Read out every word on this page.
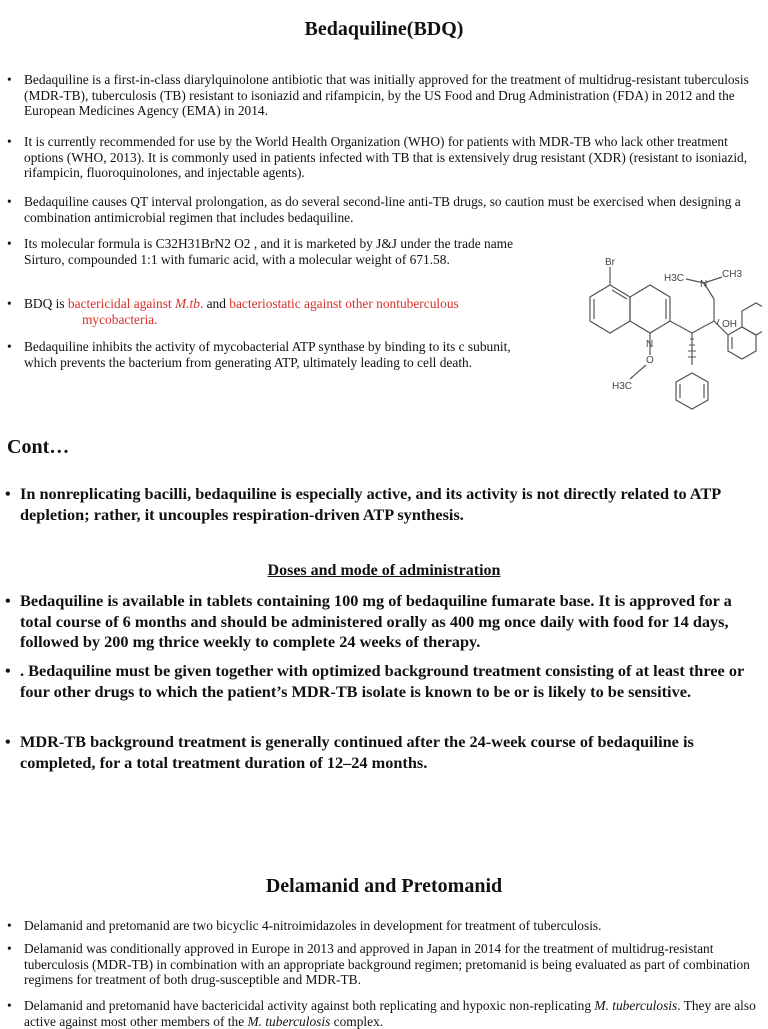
Bedaquiline(BDQ)
• Bedaquiline is a first-in-class diarylquinolone antibiotic that was initially approved for the treatment of multidrug-resistant tuberculosis (MDR-TB), tuberculosis (TB) resistant to isoniazid and rifampicin, by the US Food and Drug Administration (FDA) in 2012 and the European Medicines Agency (EMA) in 2014.
• It is currently recommended for use by the World Health Organization (WHO) for patients with MDR-TB who lack other treatment options (WHO, 2013). It is commonly used in patients infected with TB that is extensively drug resistant (XDR) (resistant to isoniazid, rifampicin, fluoroquinolones, and injectable agents).
• Bedaquiline causes QT interval prolongation, as do several second-line anti-TB drugs, so caution must be exercised when designing a combination antimicrobial regimen that includes bedaquiline.
• Its molecular formula is C32H31BrN2 O2 , and it is marketed by J&J under the trade name Sirturo, compounded 1:1 with fumaric acid, with a molecular weight of 671.58.
• BDQ is bactericidal against M.tb. and bacteriostatic against other nontuberculous
mycobacteria.
• Bedaquiline inhibits the activity of mycobacterial ATP synthase by binding to its c subunit, which prevents the bacterium from generating ATP, ultimately leading to cell death.
Br
N
N
H3C	CH3
OH
O
H3C
Cont…
• In nonreplicating bacilli, bedaquiline is especially active, and its activity is not directly related to ATP depletion; rather, it uncouples respiration-driven ATP synthesis.
Doses and mode of administration
• Bedaquiline is available in tablets containing 100 mg of bedaquiline fumarate base. It is approved for a total course of 6 months and should be administered orally as 400 mg once daily with food for 14 days, followed by 200 mg thrice weekly to complete 24 weeks of therapy.
• . Bedaquiline must be given together with optimized background treatment consisting of at least three or four other drugs to which the patient’s MDR-TB isolate is known to be or is likely to be sensitive.
• MDR-TB background treatment is generally continued after the 24-week course of bedaquiline is completed, for a total treatment duration of 12–24 months.
Delamanid and Pretomanid
• Delamanid and pretomanid are two bicyclic 4-nitroimidazoles in development for treatment of tuberculosis.
• Delamanid was conditionally approved in Europe in 2013 and approved in Japan in 2014 for the treatment of multidrug-resistant tuberculosis (MDR-TB) in combination with an appropriate background regimen; pretomanid is being evaluated as part of combination regimens for treatment of both drug-susceptible and MDR-TB.
• Delamanid and pretomanid have bactericidal activity against both replicating and hypoxic non-replicating M. tuberculosis. They are also active against most other members of the M. tuberculosis complex.
